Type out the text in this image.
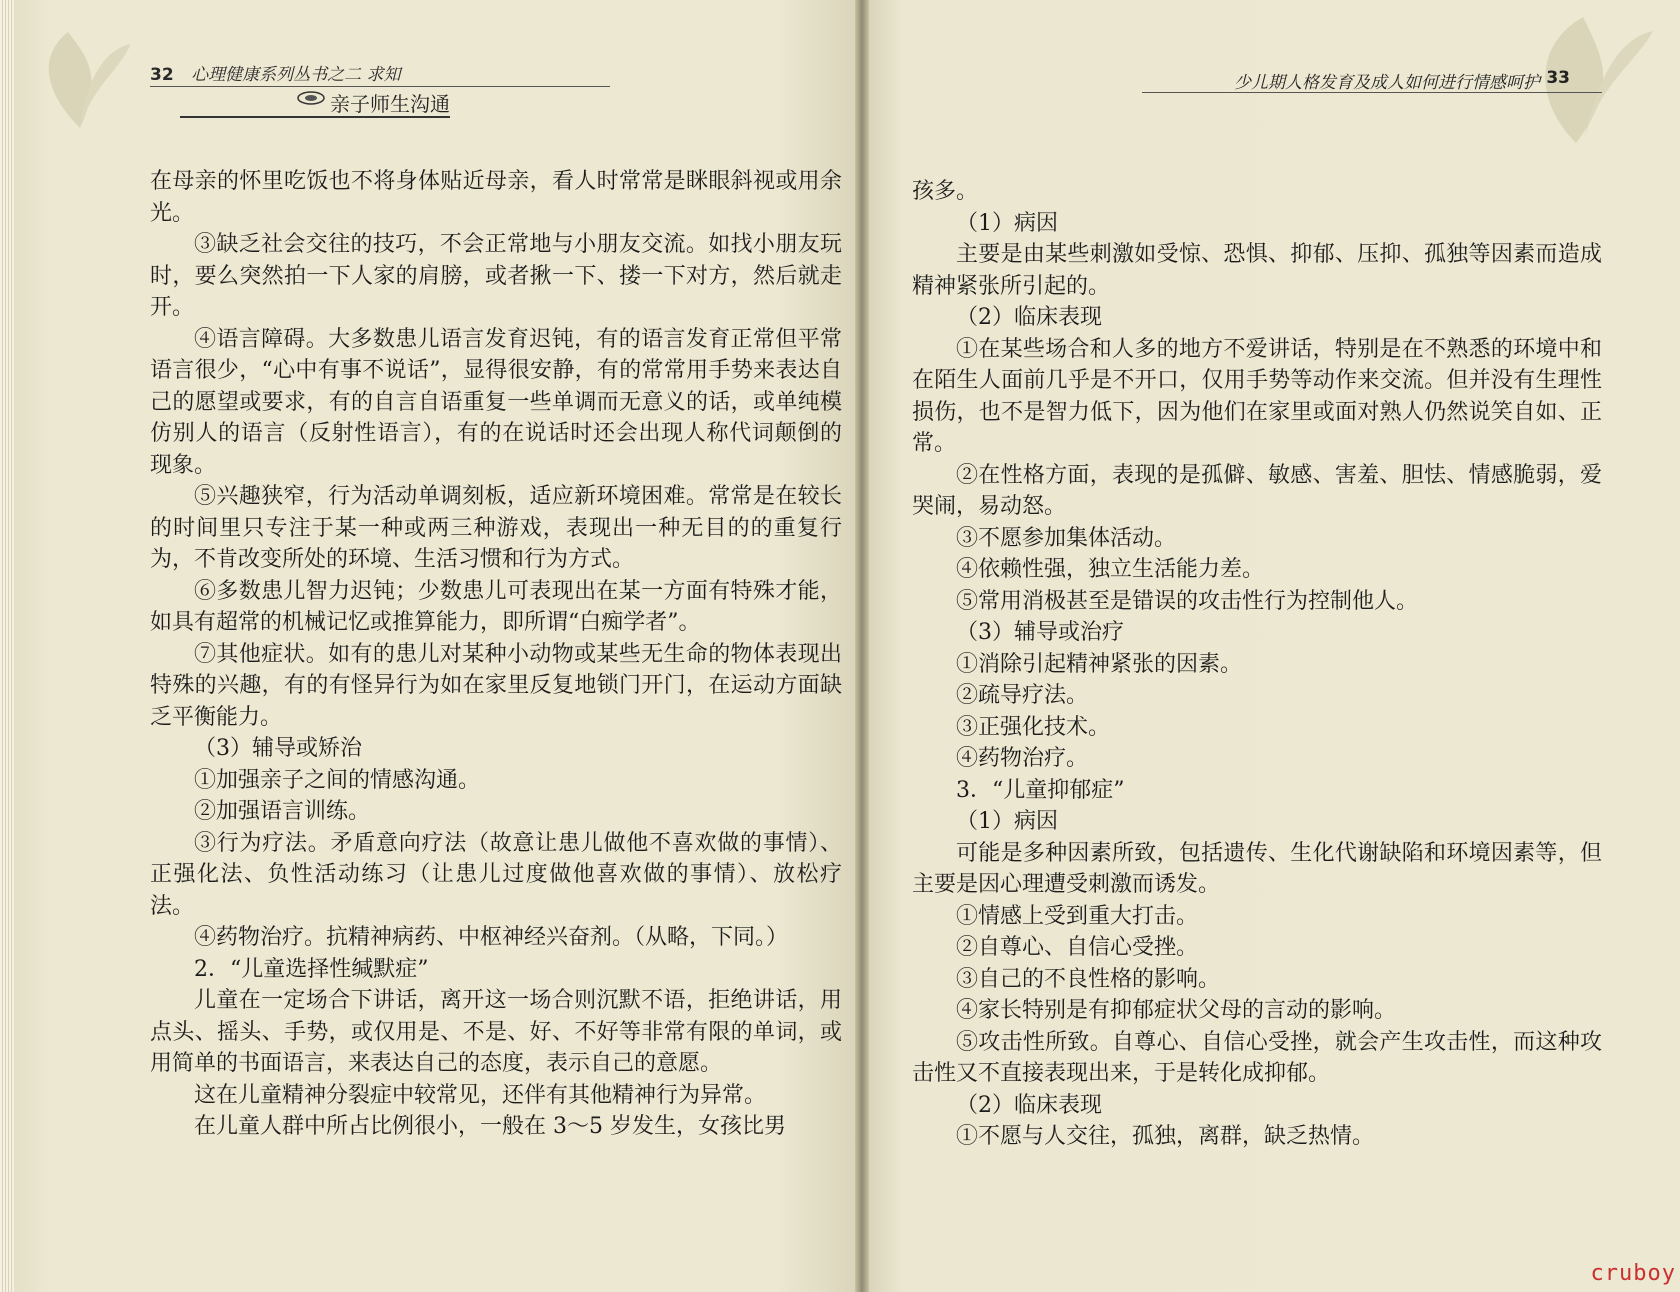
32 心理健康系列丛书之二 求知
亲子师生沟通

在母亲的怀里吃饭也不将身体贴近母亲，看人时常常是眯眼斜视或用余光。

③缺乏社会交往的技巧，不会正常地与小朋友交流。如找小朋友玩时，要么突然拍一下人家的肩膀，或者揪一下、搂一下对方，然后就走开。

④语言障碍。大多数患儿语言发育迟钝，有的语言发育正常但平常语言很少，“心中有事不说话”，显得很安静，有的常常用手势来表达自己的愿望或要求，有的自言自语重复一些单调而无意义的话，或单纯模仿别人的语言（反射性语言），有的在说话时还会出现人称代词颠倒的现象。

⑤兴趣狭窄，行为活动单调刻板，适应新环境困难。常常是在较长的时间里只专注于某一种或两三种游戏，表现出一种无目的的重复行为，不肯改变所处的环境、生活习惯和行为方式。

⑥多数患儿智力迟钝；少数患儿可表现出在某一方面有特殊才能，如具有超常的机械记忆或推算能力，即所谓“白痴学者”。

⑦其他症状。如有的患儿对某种小动物或某些无生命的物体表现出特殊的兴趣，有的有怪异行为如在家里反复地锁门开门，在运动方面缺乏平衡能力。

（3）辅导或矫治

①加强亲子之间的情感沟通。

②加强语言训练。

③行为疗法。矛盾意向疗法（故意让患儿做他不喜欢做的事情）、正强化法、负性活动练习（让患儿过度做他喜欢做的事情）、放松疗法。

④药物治疗。抗精神病药、中枢神经兴奋剂。（从略，下同。）

2．“儿童选择性缄默症”

儿童在一定场合下讲话，离开这一场合则沉默不语，拒绝讲话，用点头、摇头、手势，或仅用是、不是、好、不好等非常有限的单词，或用简单的书面语言，来表达自己的态度，表示自己的意愿。

这在儿童精神分裂症中较常见，还伴有其他精神行为异常。

在儿童人群中所占比例很小，一般在 3～5 岁发生，女孩比男

少儿期人格发育及成人如何进行情感呵护 33

孩多。

（1）病因

主要是由某些刺激如受惊、恐惧、抑郁、压抑、孤独等因素而造成精神紧张所引起的。

（2）临床表现

①在某些场合和人多的地方不爱讲话，特别是在不熟悉的环境中和在陌生人面前几乎是不开口，仅用手势等动作来交流。但并没有生理性损伤，也不是智力低下，因为他们在家里或面对熟人仍然说笑自如、正常。

②在性格方面，表现的是孤僻、敏感、害羞、胆怯、情感脆弱，爱哭闹，易动怒。

③不愿参加集体活动。

④依赖性强，独立生活能力差。

⑤常用消极甚至是错误的攻击性行为控制他人。

（3）辅导或治疗

①消除引起精神紧张的因素。

②疏导疗法。

③正强化技术。

④药物治疗。

3．“儿童抑郁症”

（1）病因

可能是多种因素所致，包括遗传、生化代谢缺陷和环境因素等，但主要是因心理遭受刺激而诱发。

①情感上受到重大打击。

②自尊心、自信心受挫。

③自己的不良性格的影响。

④家长特别是有抑郁症状父母的言动的影响。

⑤攻击性所致。自尊心、自信心受挫，就会产生攻击性，而这种攻击性又不直接表现出来，于是转化成抑郁。

（2）临床表现

①不愿与人交往，孤独，离群，缺乏热情。

cruboy
